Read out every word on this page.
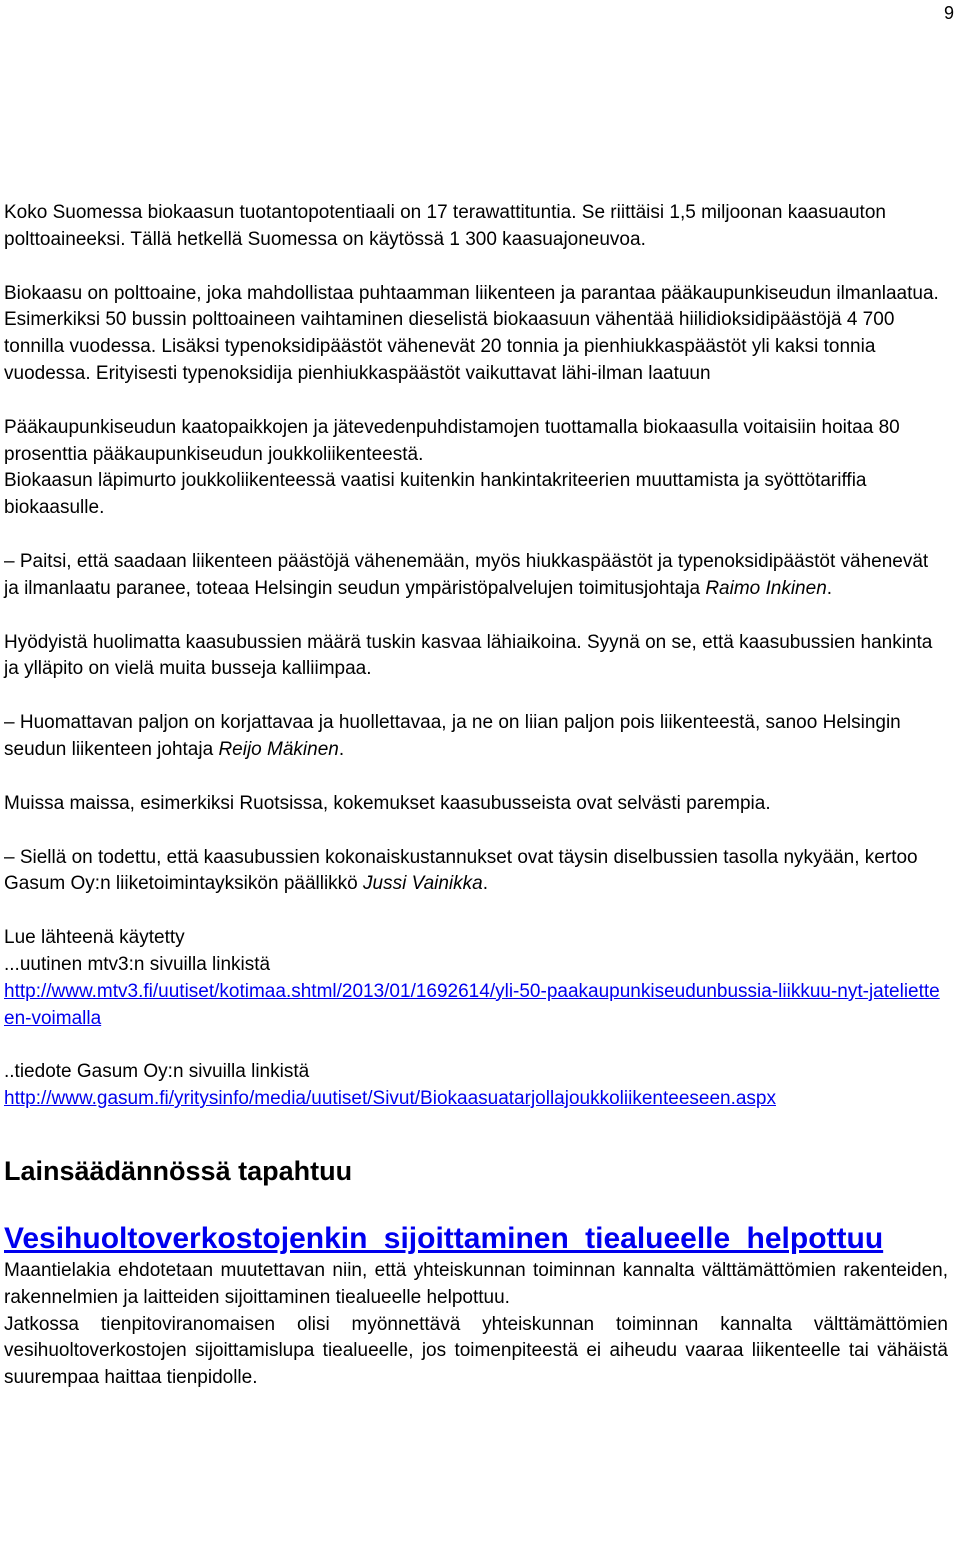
9

Koko Suomessa biokaasun tuotantopotentiaali on 17 terawattituntia. Se riittäisi 1,5 miljoonan kaasuauton polttoaineeksi. Tällä hetkellä Suomessa on käytössä 1 300 kaasuajoneuvoa.

Biokaasu on polttoaine, joka mahdollistaa puhtaamman liikenteen ja parantaa pääkaupunkiseudun ilmanlaatua. Esimerkiksi 50 bussin polttoaineen vaihtaminen dieselistä biokaasuun vähentää hiilidioksidipäästöjä 4 700 tonnilla vuodessa. Lisäksi typenoksidipäästöt vähenevät 20 tonnia ja pienhiukkaspäästöt yli kaksi tonnia vuodessa. Erityisesti typenoksidija pienhiukkaspäästöt vaikuttavat lähi-ilman laatuun

Pääkaupunkiseudun kaatopaikkojen ja jätevedenpuhdistamojen tuottamalla biokaasulla voitaisiin hoitaa 80 prosenttia pääkaupunkiseudun joukkoliikenteestä.

Biokaasun läpimurto joukkoliikenteessä vaatisi kuitenkin hankintakriteerien muuttamista ja syöttötariffia biokaasulle.

– Paitsi, että saadaan liikenteen päästöjä vähenemään, myös hiukkaspäästöt ja typenoksidipäästöt vähenevät ja ilmanlaatu paranee, toteaa Helsingin seudun ympäristöpalvelujen toimitusjohtaja Raimo Inkinen.

Hyödyistä huolimatta kaasubussien määrä tuskin kasvaa lähiaikoina. Syynä on se, että kaasubussien hankinta ja ylläpito on vielä muita busseja kalliimpaa.

– Huomattavan paljon on korjattavaa ja huollettavaa, ja ne on liian paljon pois liikenteestä, sanoo Helsingin seudun liikenteen johtaja Reijo Mäkinen.

Muissa maissa, esimerkiksi Ruotsissa, kokemukset kaasubusseista ovat selvästi parempia.

– Siellä on todettu, että kaasubussien kokonaiskustannukset ovat täysin diselbussien tasolla nykyään, kertoo Gasum Oy:n liiketoimintayksikön päällikkö Jussi Vainikka.

Lue lähteenä käytetty

...uutinen mtv3:n sivuilla linkistä

http://www.mtv3.fi/uutiset/kotimaa.shtml/2013/01/1692614/yli-50-paakaupunkiseudunbussia-liikkuu-nyt-jatelietteen-voimalla

..tiedote Gasum Oy:n sivuilla linkistä

http://www.gasum.fi/yritysinfo/media/uutiset/Sivut/Biokaasuatarjollajoukkoliikenteeseen.aspx

Lainsäädännössä tapahtuu
Vesihuoltoverkostojenkin sijoittaminen tiealueelle helpottuu

Maantielakia ehdotetaan muutettavan niin, että yhteiskunnan toiminnan kannalta välttämättömien rakenteiden, rakennelmien ja laitteiden sijoittaminen tiealueelle helpottuu.

Jatkossa tienpitoviranomaisen olisi myönnettävä yhteiskunnan toiminnan kannalta välttämättömien vesihuoltoverkostojen sijoittamislupa tiealueelle, jos toimenpiteestä ei aiheudu vaaraa liikenteelle tai vähäistä suurempaa haittaa tienpidolle.
